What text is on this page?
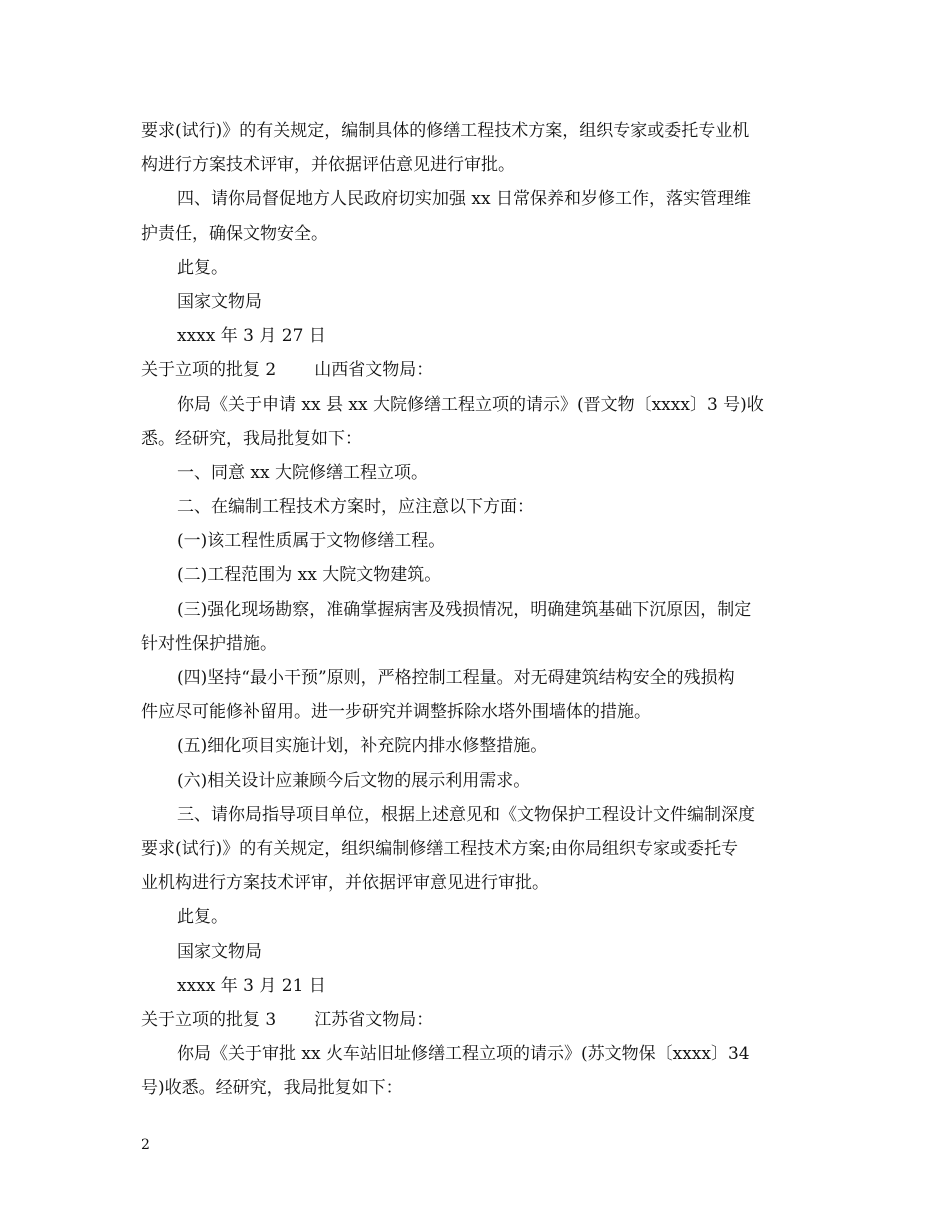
要求(试行)》的有关规定，编制具体的修缮工程技术方案，组织专家或委托专业机
构进行方案技术评审，并依据评估意见进行审批。
四、请你局督促地方人民政府切实加强 xx 日常保养和岁修工作，落实管理维
护责任，确保文物安全。
此复。
国家文物局
xxxx 年 3 月 27 日
关于立项的批复 2 山西省文物局：
你局《关于申请 xx 县 xx 大院修缮工程立项的请示》(晋文物〔xxxx〕3 号)收
悉。经研究，我局批复如下：
一、同意 xx 大院修缮工程立项。
二、在编制工程技术方案时，应注意以下方面：
(一)该工程性质属于文物修缮工程。
(二)工程范围为 xx 大院文物建筑。
(三)强化现场勘察，准确掌握病害及残损情况，明确建筑基础下沉原因，制定
针对性保护措施。
(四)坚持“最小干预”原则，严格控制工程量。对无碍建筑结构安全的残损构
件应尽可能修补留用。进一步研究并调整拆除水塔外围墙体的措施。
(五)细化项目实施计划，补充院内排水修整措施。
(六)相关设计应兼顾今后文物的展示利用需求。
三、请你局指导项目单位，根据上述意见和《文物保护工程设计文件编制深度
要求(试行)》的有关规定，组织编制修缮工程技术方案;由你局组织专家或委托专
业机构进行方案技术评审，并依据评审意见进行审批。
此复。
国家文物局
xxxx 年 3 月 21 日
关于立项的批复 3 江苏省文物局：
你局《关于审批 xx 火车站旧址修缮工程立项的请示》(苏文物保〔xxxx〕34
号)收悉。经研究，我局批复如下：
2
